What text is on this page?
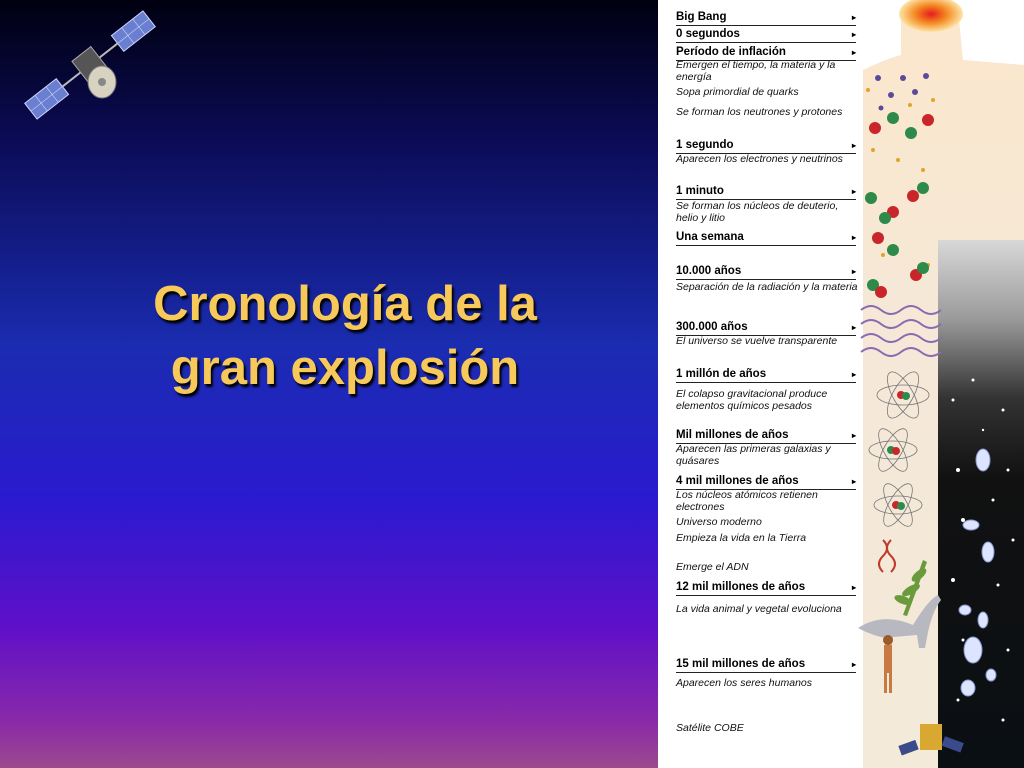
Cronología de la
gran explosión
Big Bang ▸
0 segundos ▸
Período de inflación ▸
1 segundo ▸
1 minuto ▸
Una semana ▸
10.000 años ▸
300.000 años ▸
1 millón de años ▸
Mil millones de años ▸
4 mil millones de años ▸
12 mil millones de años ▸
15 mil millones de años ▸
Emergen el tiempo, la materia y la energía
Sopa primordial de quarks
Se forman los neutrones y protones
Aparecen los electrones y neutrinos
Se forman los núcleos de deuterio, helio y litio
Separación de la radiación y la materia
El universo se vuelve transparente
El colapso gravitacional produce elementos químicos pesados
Aparecen las primeras galaxias y quásares
Los núcleos atómicos retienen electrones
Universo moderno
Empieza la vida en la Tierra
Emerge el ADN
La vida animal y vegetal evoluciona
Aparecen los seres humanos
Satélite COBE
